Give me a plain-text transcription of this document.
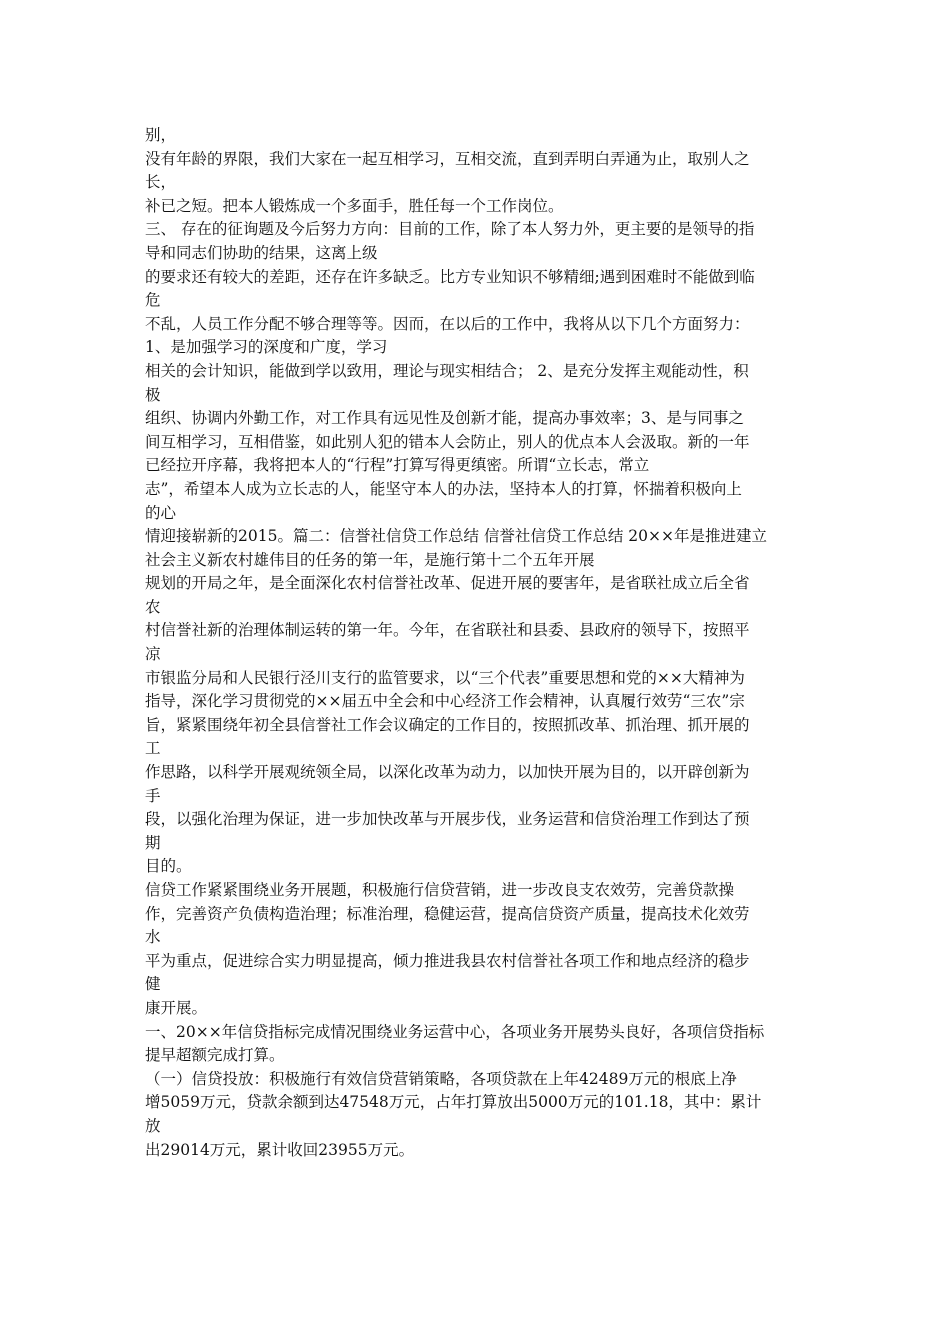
别，
没有年龄的界限，我们大家在一起互相学习，互相交流，直到弄明白弄通为止，取别人之
长，
补已之短。把本人锻炼成一个多面手，胜任每一个工作岗位。
三、 存在的征询题及今后努力方向：目前的工作，除了本人努力外，更主要的是领导的指
导和同志们协助的结果，这离上级
的要求还有较大的差距，还存在许多缺乏。比方专业知识不够精细;遇到困难时不能做到临
危
不乱，人员工作分配不够合理等等。因而，在以后的工作中，我将从以下几个方面努力：
1、是加强学习的深度和广度，学习
相关的会计知识，能做到学以致用，理论与现实相结合； 2、是充分发挥主观能动性，积
极
组织、协调内外勤工作，对工作具有远见性及创新才能，提高办事效率；3、是与同事之
间互相学习，互相借鉴，如此别人犯的错本人会防止，别人的优点本人会汲取。新的一年
已经拉开序幕，我将把本人的“行程”打算写得更缜密。所谓“立长志，常立
志”，希望本人成为立长志的人，能坚守本人的办法，坚持本人的打算，怀揣着积极向上
的心
情迎接崭新的2015。篇二：信誉社信贷工作总结 信誉社信贷工作总结 20××年是推进建立
社会主义新农村雄伟目的任务的第一年，是施行第十二个五年开展
规划的开局之年，是全面深化农村信誉社改革、促进开展的要害年，是省联社成立后全省
农
村信誉社新的治理体制运转的第一年。今年，在省联社和县委、县政府的领导下，按照平
凉
市银监分局和人民银行泾川支行的监管要求，以“三个代表”重要思想和党的××大精神为
指导，深化学习贯彻党的××届五中全会和中心经济工作会精神，认真履行效劳“三农”宗
旨，紧紧围绕年初全县信誉社工作会议确定的工作目的，按照抓改革、抓治理、抓开展的
工
作思路，以科学开展观统领全局，以深化改革为动力，以加快开展为目的，以开辟创新为
手
段，以强化治理为保证，进一步加快改革与开展步伐，业务运营和信贷治理工作到达了预
期
目的。
信贷工作紧紧围绕业务开展题，积极施行信贷营销，进一步改良支农效劳，完善贷款操
作，完善资产负债构造治理；标准治理，稳健运营，提高信贷资产质量，提高技术化效劳
水
平为重点，促进综合实力明显提高，倾力推进我县农村信誉社各项工作和地点经济的稳步
健
康开展。
一、20××年信贷指标完成情况围绕业务运营中心，各项业务开展势头良好，各项信贷指标
提早超额完成打算。
（一）信贷投放：积极施行有效信贷营销策略，各项贷款在上年42489万元的根底上净
增5059万元，贷款余额到达47548万元，占年打算放出5000万元的101.18，其中：累计
放
出29014万元，累计收回23955万元。
